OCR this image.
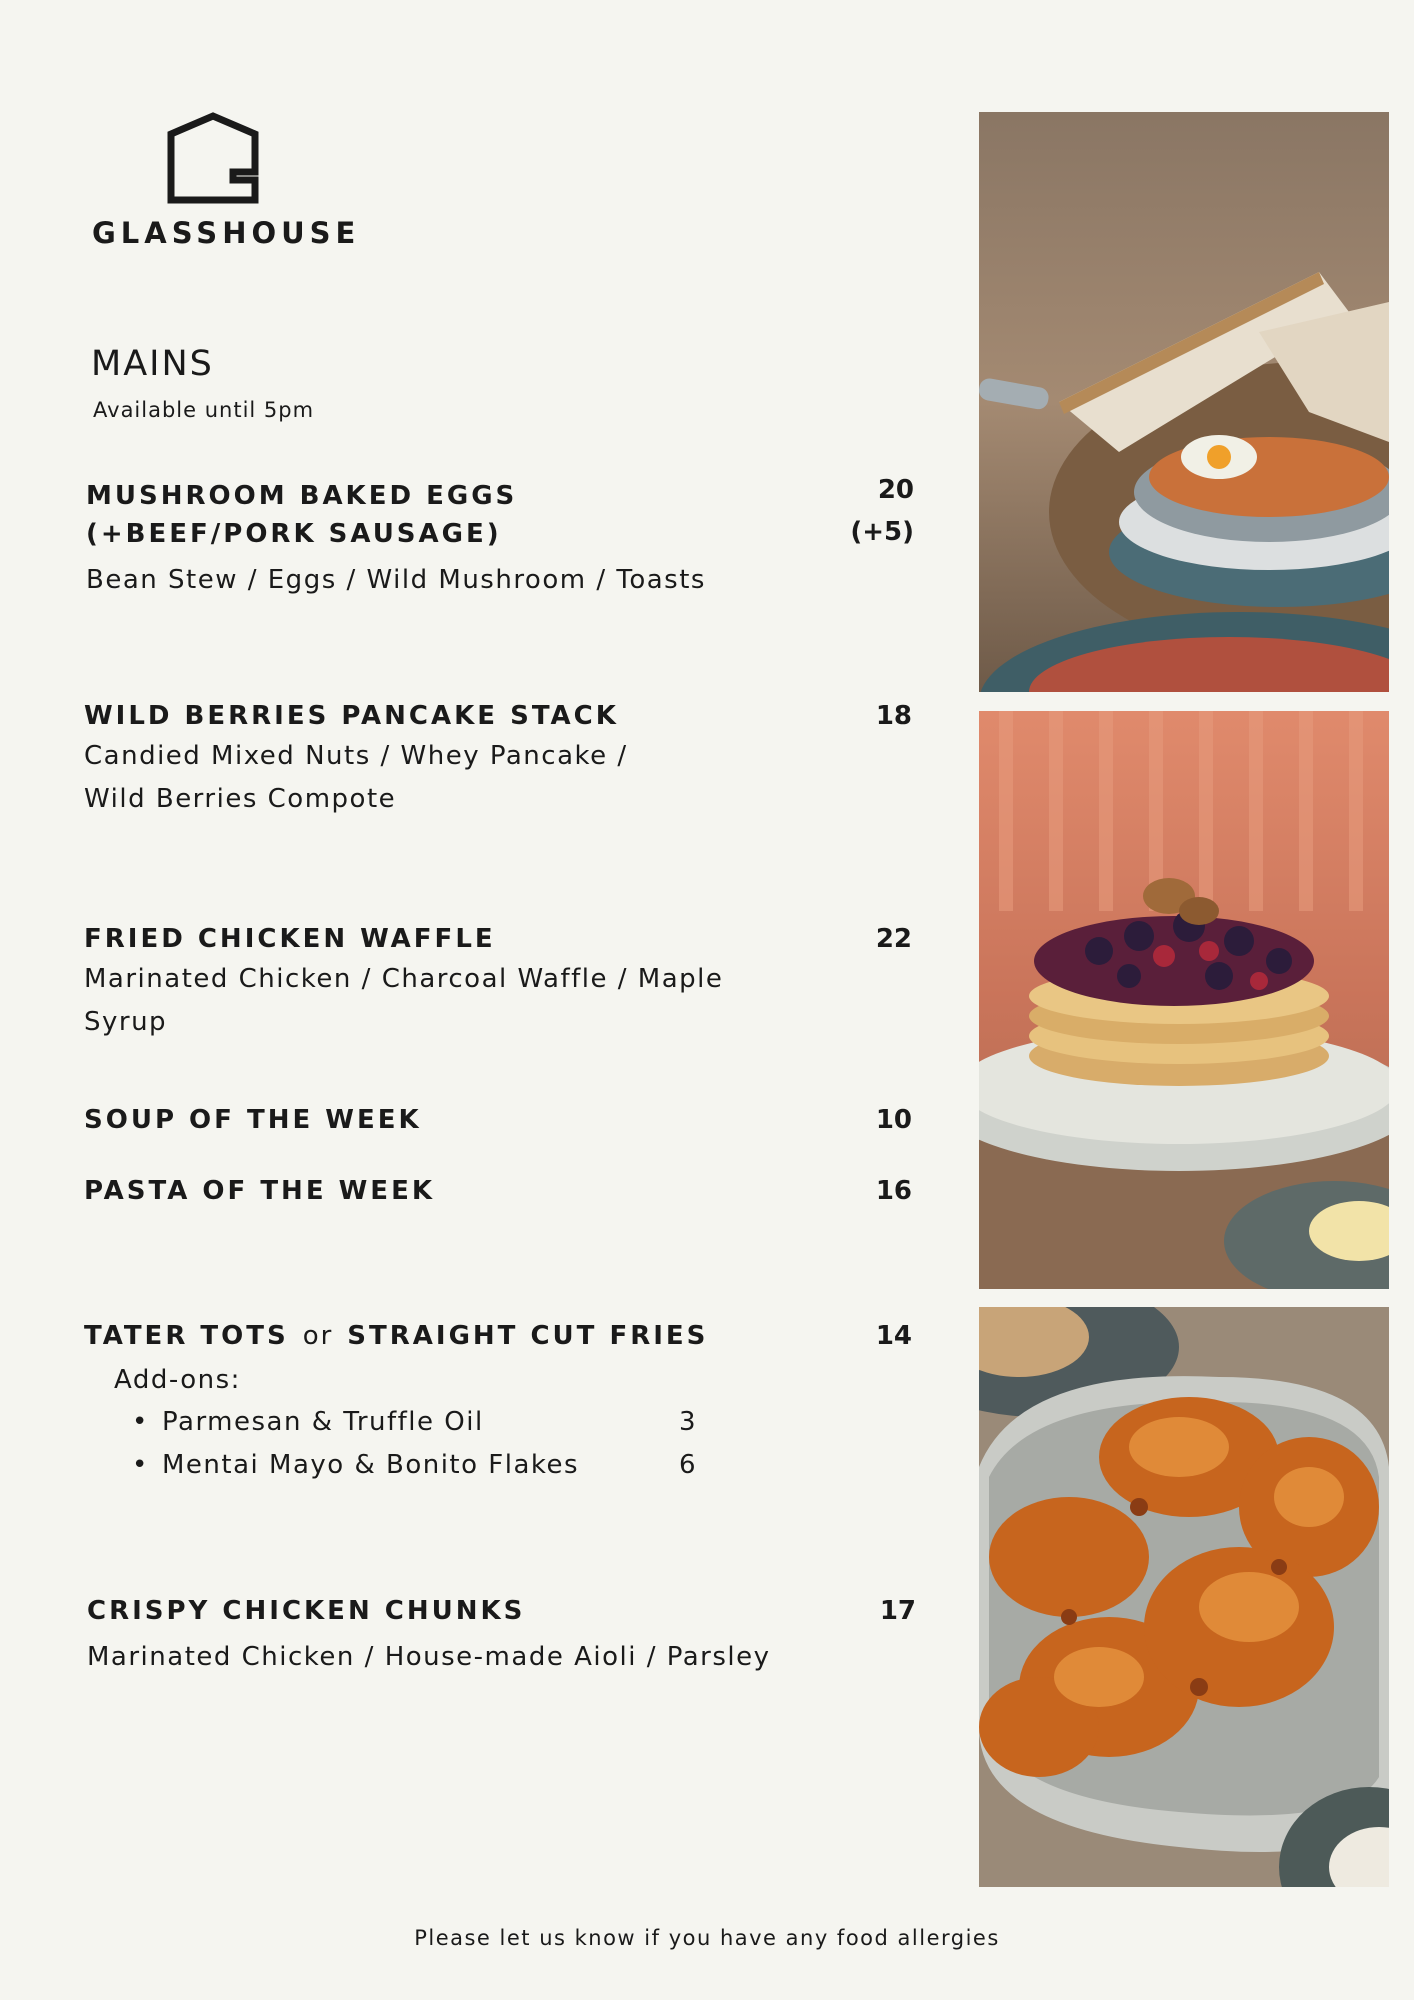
GLASSHOUSE
MAINS
Available until 5pm
MUSHROOM BAKED EGGS
(+BEEF/PORK SAUSAGE)
20
(+5)
Bean Stew / Eggs / Wild Mushroom / Toasts
WILD BERRIES PANCAKE STACK	18
Candied Mixed Nuts / Whey Pancake /
Wild Berries Compote
FRIED CHICKEN WAFFLE	22
Marinated Chicken / Charcoal Waffle / Maple
Syrup
SOUP OF THE WEEK	10
PASTA OF THE WEEK	16
TATER TOTS or STRAIGHT CUT FRIES	14
Add-ons:
• Parmesan & Truffle Oil	3
• Mentai Mayo & Bonito Flakes	6
CRISPY CHICKEN CHUNKS	17
Marinated Chicken / House-made Aioli / Parsley
Please let us know if you have any food allergies
